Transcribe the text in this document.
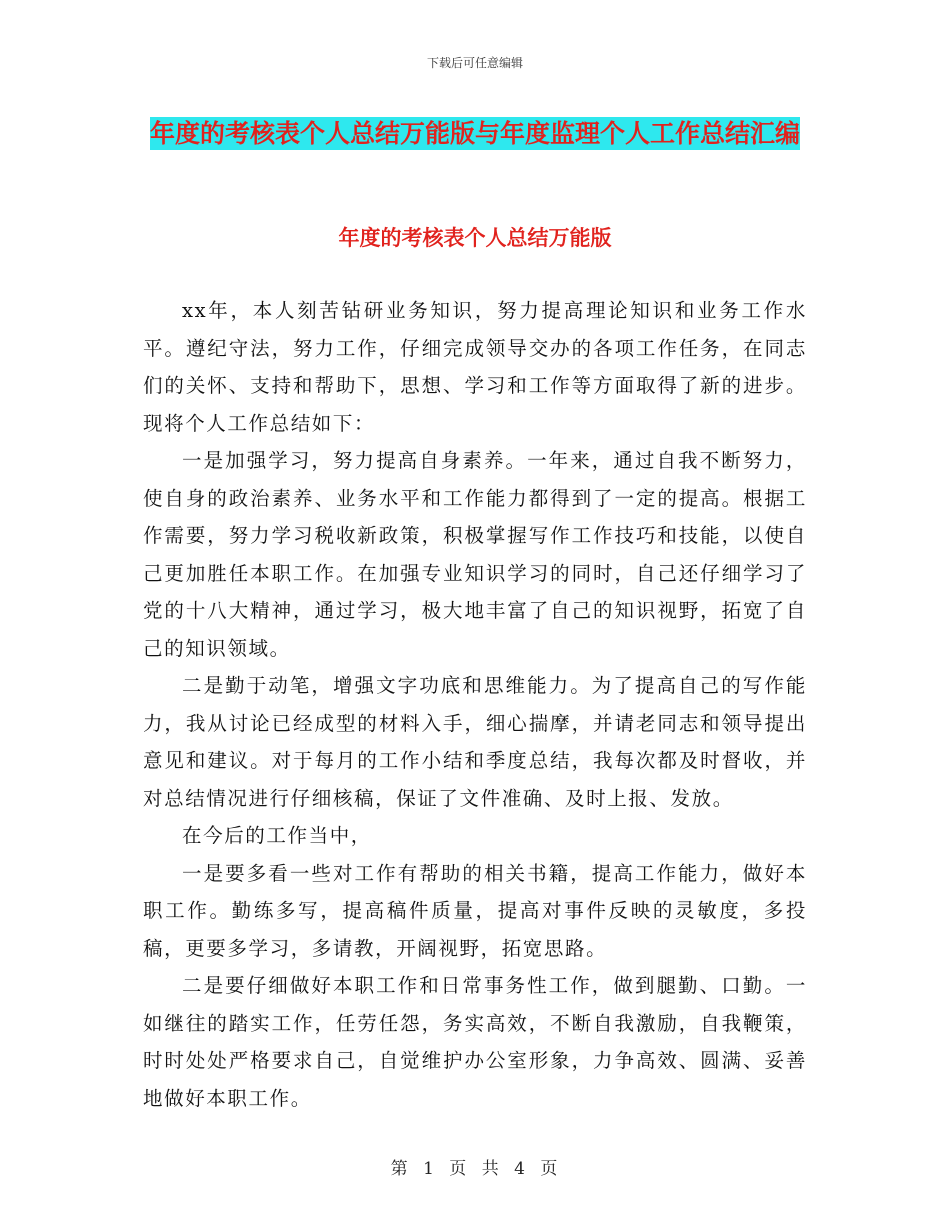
下载后可任意编辑
年度的考核表个人总结万能版与年度监理个人工作总结汇编
年度的考核表个人总结万能版

xx年，本人刻苦钻研业务知识，努力提高理论知识和业务工作水平。遵纪守法，努力工作，仔细完成领导交办的各项工作任务，在同志们的关怀、支持和帮助下，思想、学习和工作等方面取得了新的进步。现将个人工作总结如下：

一是加强学习，努力提高自身素养。一年来，通过自我不断努力，使自身的政治素养、业务水平和工作能力都得到了一定的提高。根据工作需要，努力学习税收新政策，积极掌握写作工作技巧和技能，以使自己更加胜任本职工作。在加强专业知识学习的同时，自己还仔细学习了党的十八大精神，通过学习，极大地丰富了自己的知识视野，拓宽了自己的知识领域。

二是勤于动笔，增强文字功底和思维能力。为了提高自己的写作能力，我从讨论已经成型的材料入手，细心揣摩，并请老同志和领导提出意见和建议。对于每月的工作小结和季度总结，我每次都及时督收，并对总结情况进行仔细核稿，保证了文件准确、及时上报、发放。

在今后的工作当中，

一是要多看一些对工作有帮助的相关书籍，提高工作能力，做好本职工作。勤练多写，提高稿件质量，提高对事件反映的灵敏度，多投稿，更要多学习，多请教，开阔视野，拓宽思路。

二是要仔细做好本职工作和日常事务性工作，做到腿勤、口勤。一如继往的踏实工作，任劳任怨，务实高效，不断自我激励，自我鞭策，时时处处严格要求自己，自觉维护办公室形象，力争高效、圆满、妥善地做好本职工作。

第 1 页 共 4 页
